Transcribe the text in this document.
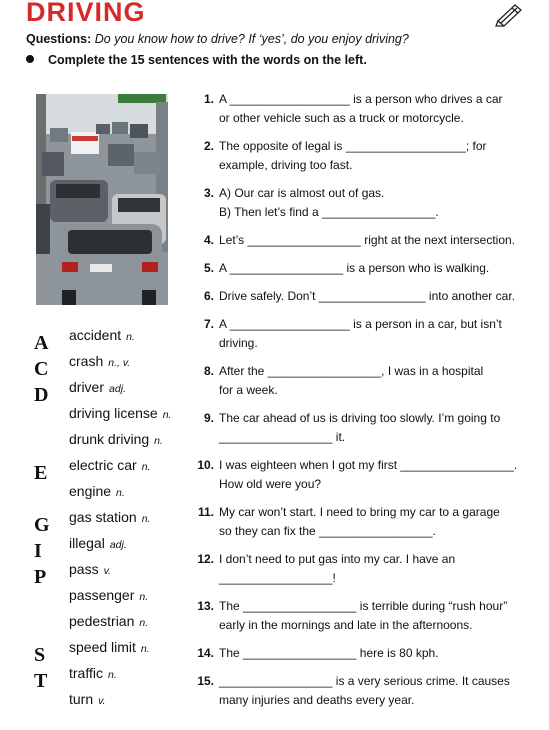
DRIVING
Questions: Do you know how to drive? If ‘yes’, do you enjoy driving?
Complete the 15 sentences with the words on the left.
A accident n.
C crash n., v.
D driver adj.
driving license n.
drunk driving n.
E electric car n.
engine n.
G gas station n.
I illegal adj.
P pass v.
passenger n.
pedestrian n.
S speed limit n.
T traffic n.
turn v.
1. A __________________ is a person who drives a car
or other vehicle such as a truck or motorcycle.
2. The opposite of legal is __________________; for
example, driving too fast.
3. A) Our car is almost out of gas.
B) Then let’s find a _________________.
4. Let’s _________________ right at the next intersection.
5. A _________________ is a person who is walking.
6. Drive safely. Don’t ________________ into another car.
7. A __________________ is a person in a car, but isn’t
driving.
8. After the _________________, I was in a hospital
for a week.
9. The car ahead of us is driving too slowly. I’m going to
_________________ it.
10. I was eighteen when I got my first _________________.
How old were you?
11. My car won’t start. I need to bring my car to a garage
so they can fix the _________________.
12. I don’t need to put gas into my car. I have an
_________________!
13. The _________________ is terrible during “rush hour”
early in the mornings and late in the afternoons.
14. The _________________ here is 80 kph.
15. _________________ is a very serious crime. It causes
many injuries and deaths every year.
